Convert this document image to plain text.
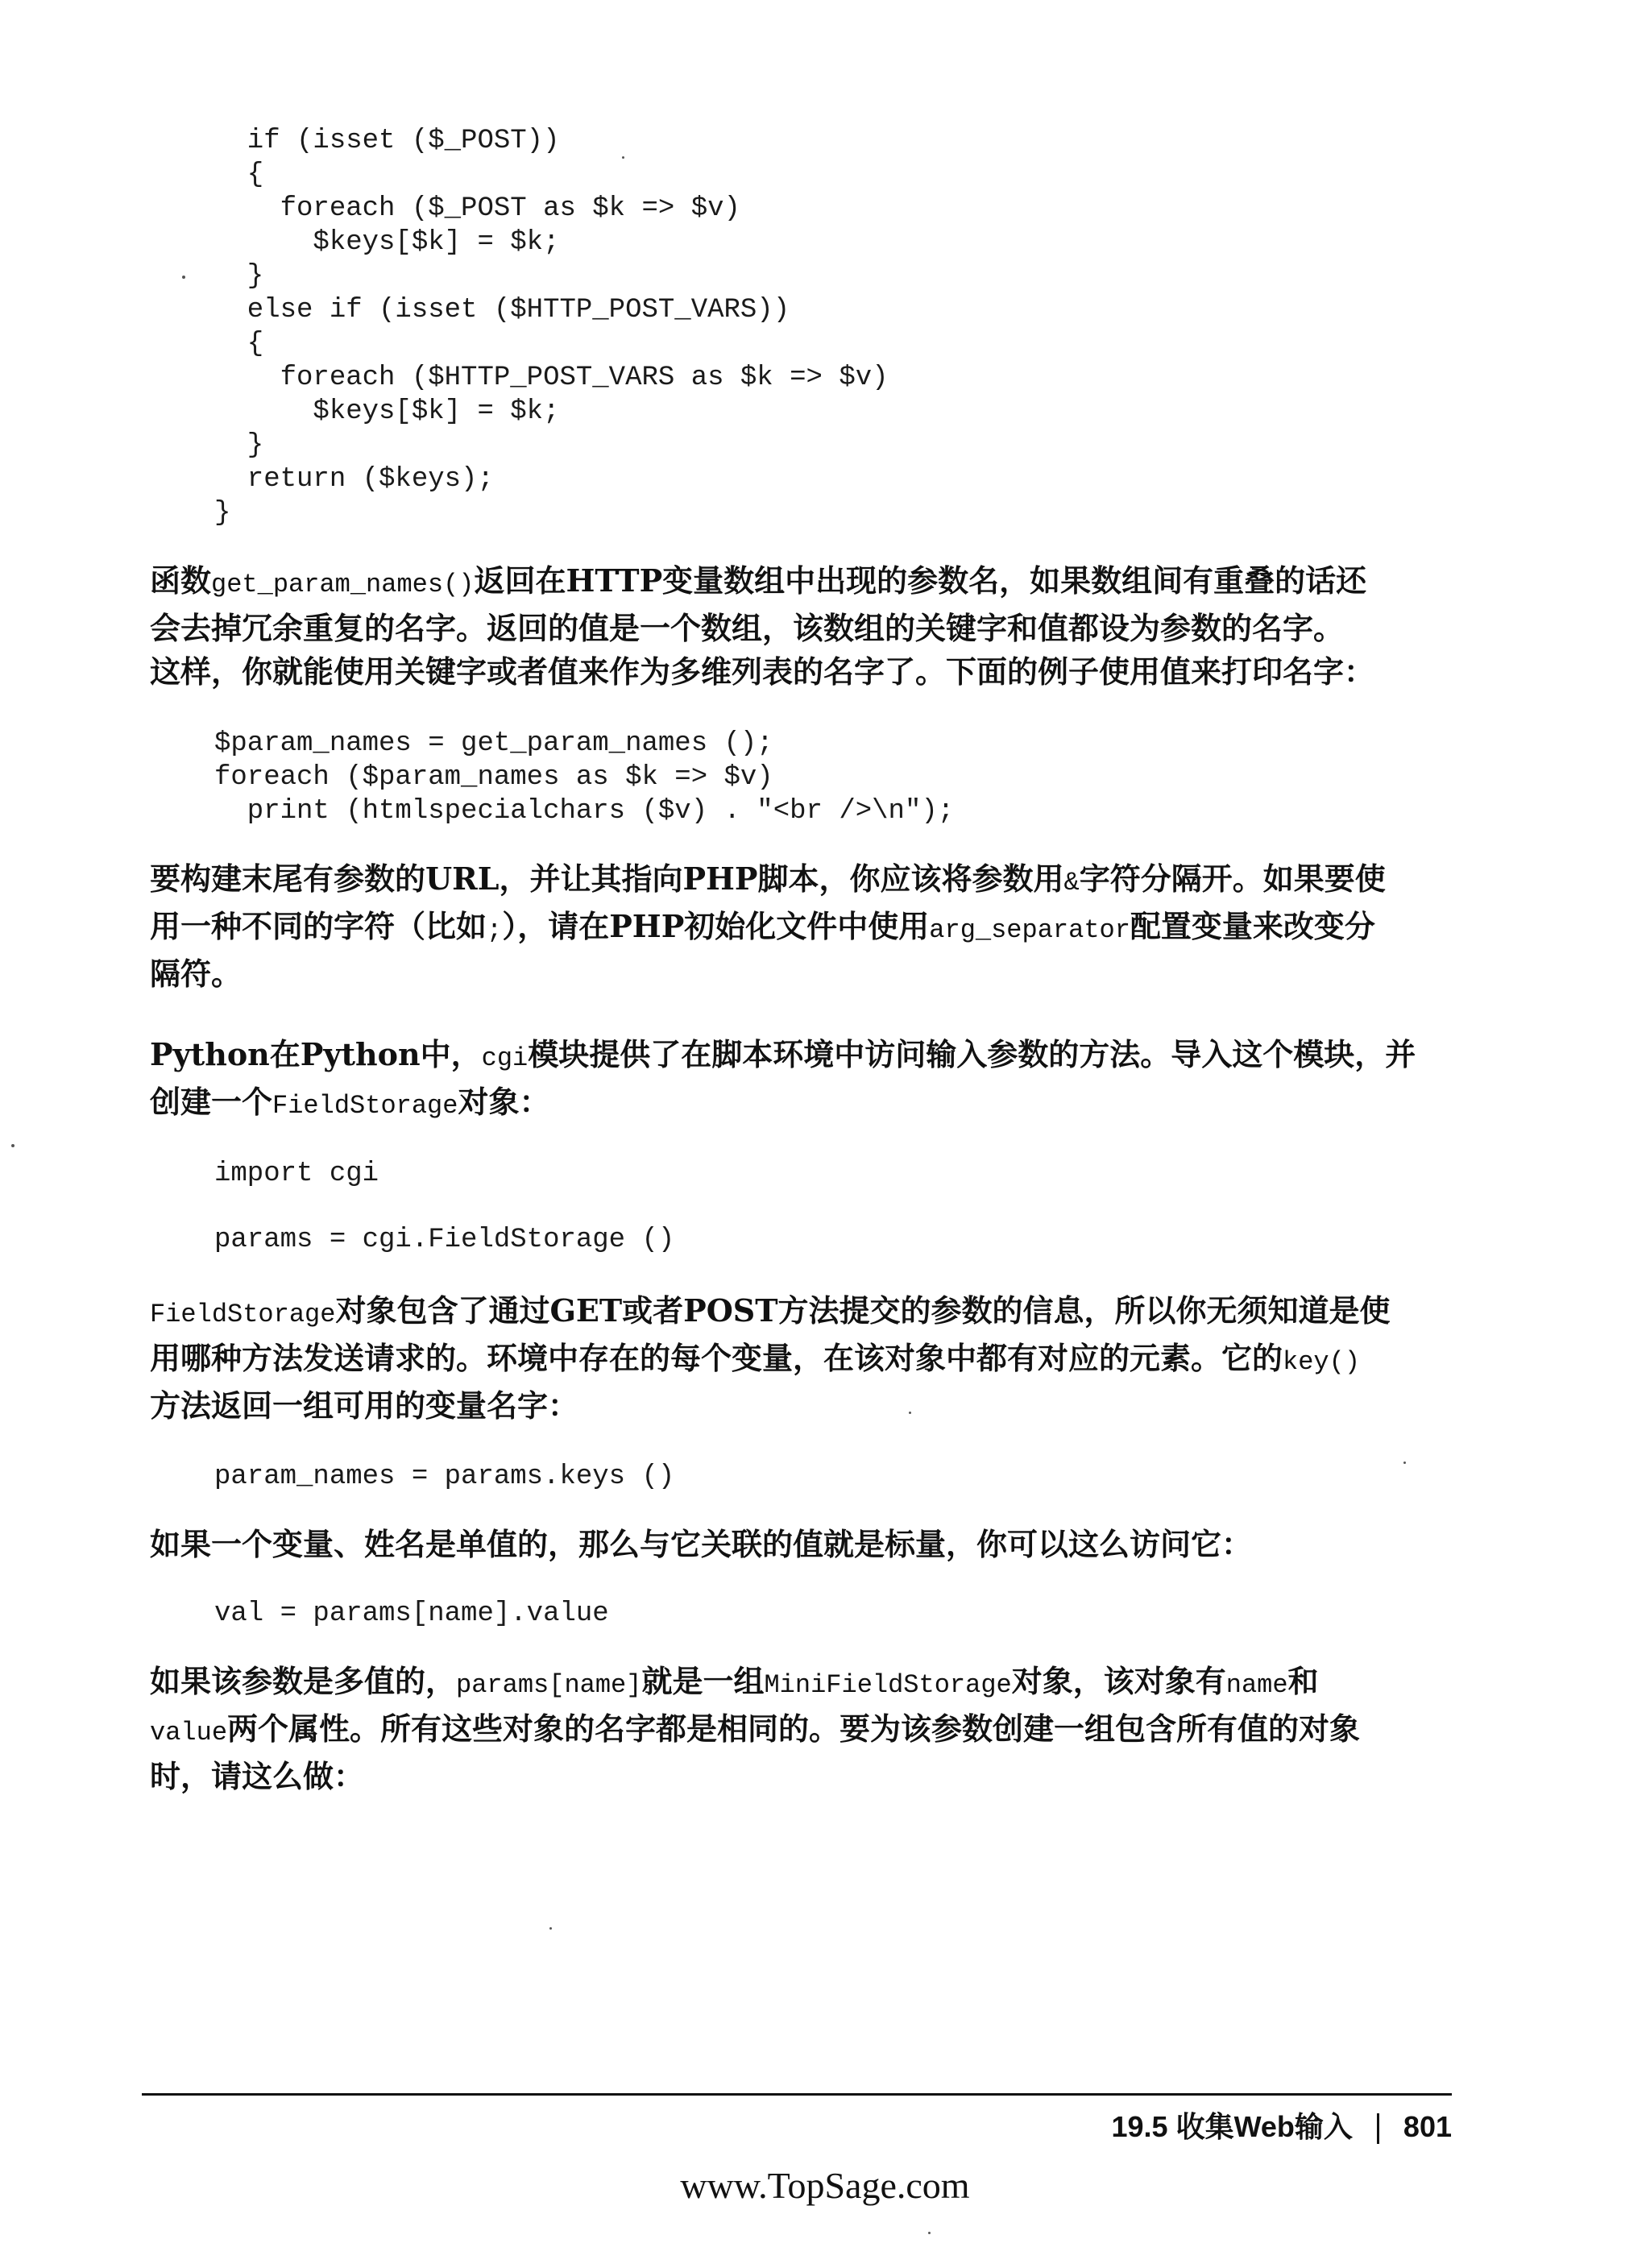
if (isset ($_POST))
{
foreach ($_POST as $k => $v)
$keys[$k] = $k;
}
else if (isset ($HTTP_POST_VARS))
{
foreach ($HTTP_POST_VARS as $k => $v)
$keys[$k] = $k;
}
return ($keys);
}

函数get_param_names()返回在HTTP变量数组中出现的参数名，如果数组间有重叠的话还
会去掉冗余重复的名字。返回的值是一个数组，该数组的关键字和值都设为参数的名字。
这样，你就能使用关键字或者值来作为多维列表的名字了。下面的例子使用值来打印名字：

$param_names = get_param_names ();
foreach ($param_names as $k => $v)
print (htmlspecialchars ($v) . "<br />\n");

要构建末尾有参数的URL，并让其指向PHP脚本，你应该将参数用&字符分隔开。如果要使
用一种不同的字符（比如;），请在PHP初始化文件中使用arg_separator配置变量来改变分
隔符。

Python在Python中，cgi模块提供了在脚本环境中访问输入参数的方法。导入这个模块，并
创建一个FieldStorage对象：

import cgi
params = cgi.FieldStorage ()

FieldStorage对象包含了通过GET或者POST方法提交的参数的信息，所以你无须知道是使
用哪种方法发送请求的。环境中存在的每个变量，在该对象中都有对应的元素。它的key()
方法返回一组可用的变量名字：

param_names = params.keys ()

如果一个变量、姓名是单值的，那么与它关联的值就是标量，你可以这么访问它：

val = params[name].value

如果该参数是多值的，params[name]就是一组MiniFieldStorage对象，该对象有name和
value两个属性。所有这些对象的名字都是相同的。要为该参数创建一组包含所有值的对象
时，请这么做：

19.5 收集Web输入 801
www.TopSage.com
